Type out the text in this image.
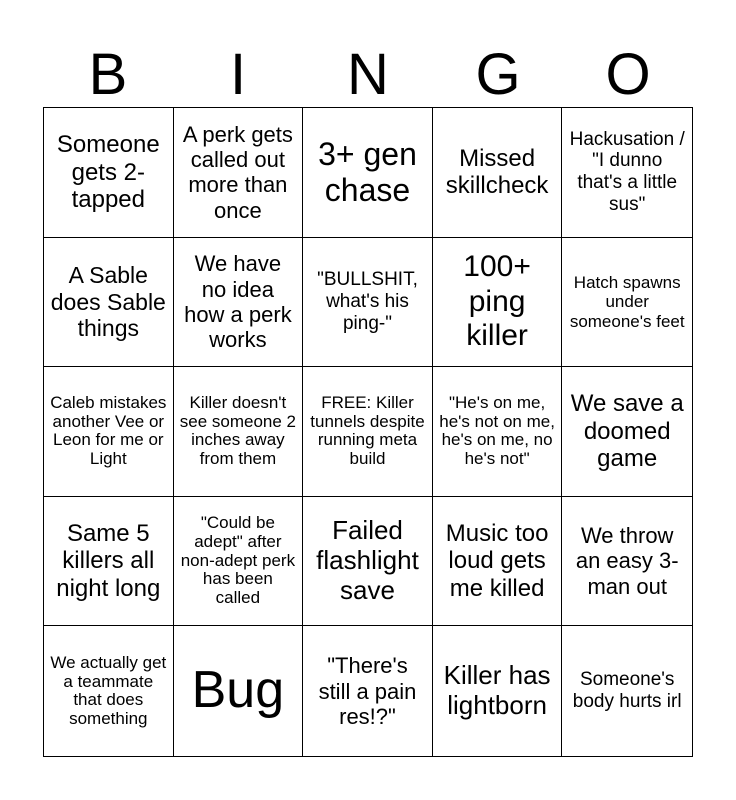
B	I	N	G	O
Someone gets 2-tapped
A perk gets called out more than once
3+ gen chase
Missed skillcheck
Hackusation / "I dunno that's a little sus"
A Sable does Sable things
We have no idea how a perk works
"BULLSHIT, what's his ping-"
100+ ping killer
Hatch spawns under someone's feet
Caleb mistakes another Vee or Leon for me or Light
Killer doesn't see someone 2 inches away from them
FREE: Killer tunnels despite running meta build
"He's on me, he's not on me, he's on me, no he's not"
We save a doomed game
Same 5 killers all night long
"Could be adept" after non-adept perk has been called
Failed flashlight save
Music too loud gets me killed
We throw an easy 3-man out
We actually get a teammate that does something Bug	"There's still a pain res!?"
Killer has lightborn
Someone's body hurts irl
